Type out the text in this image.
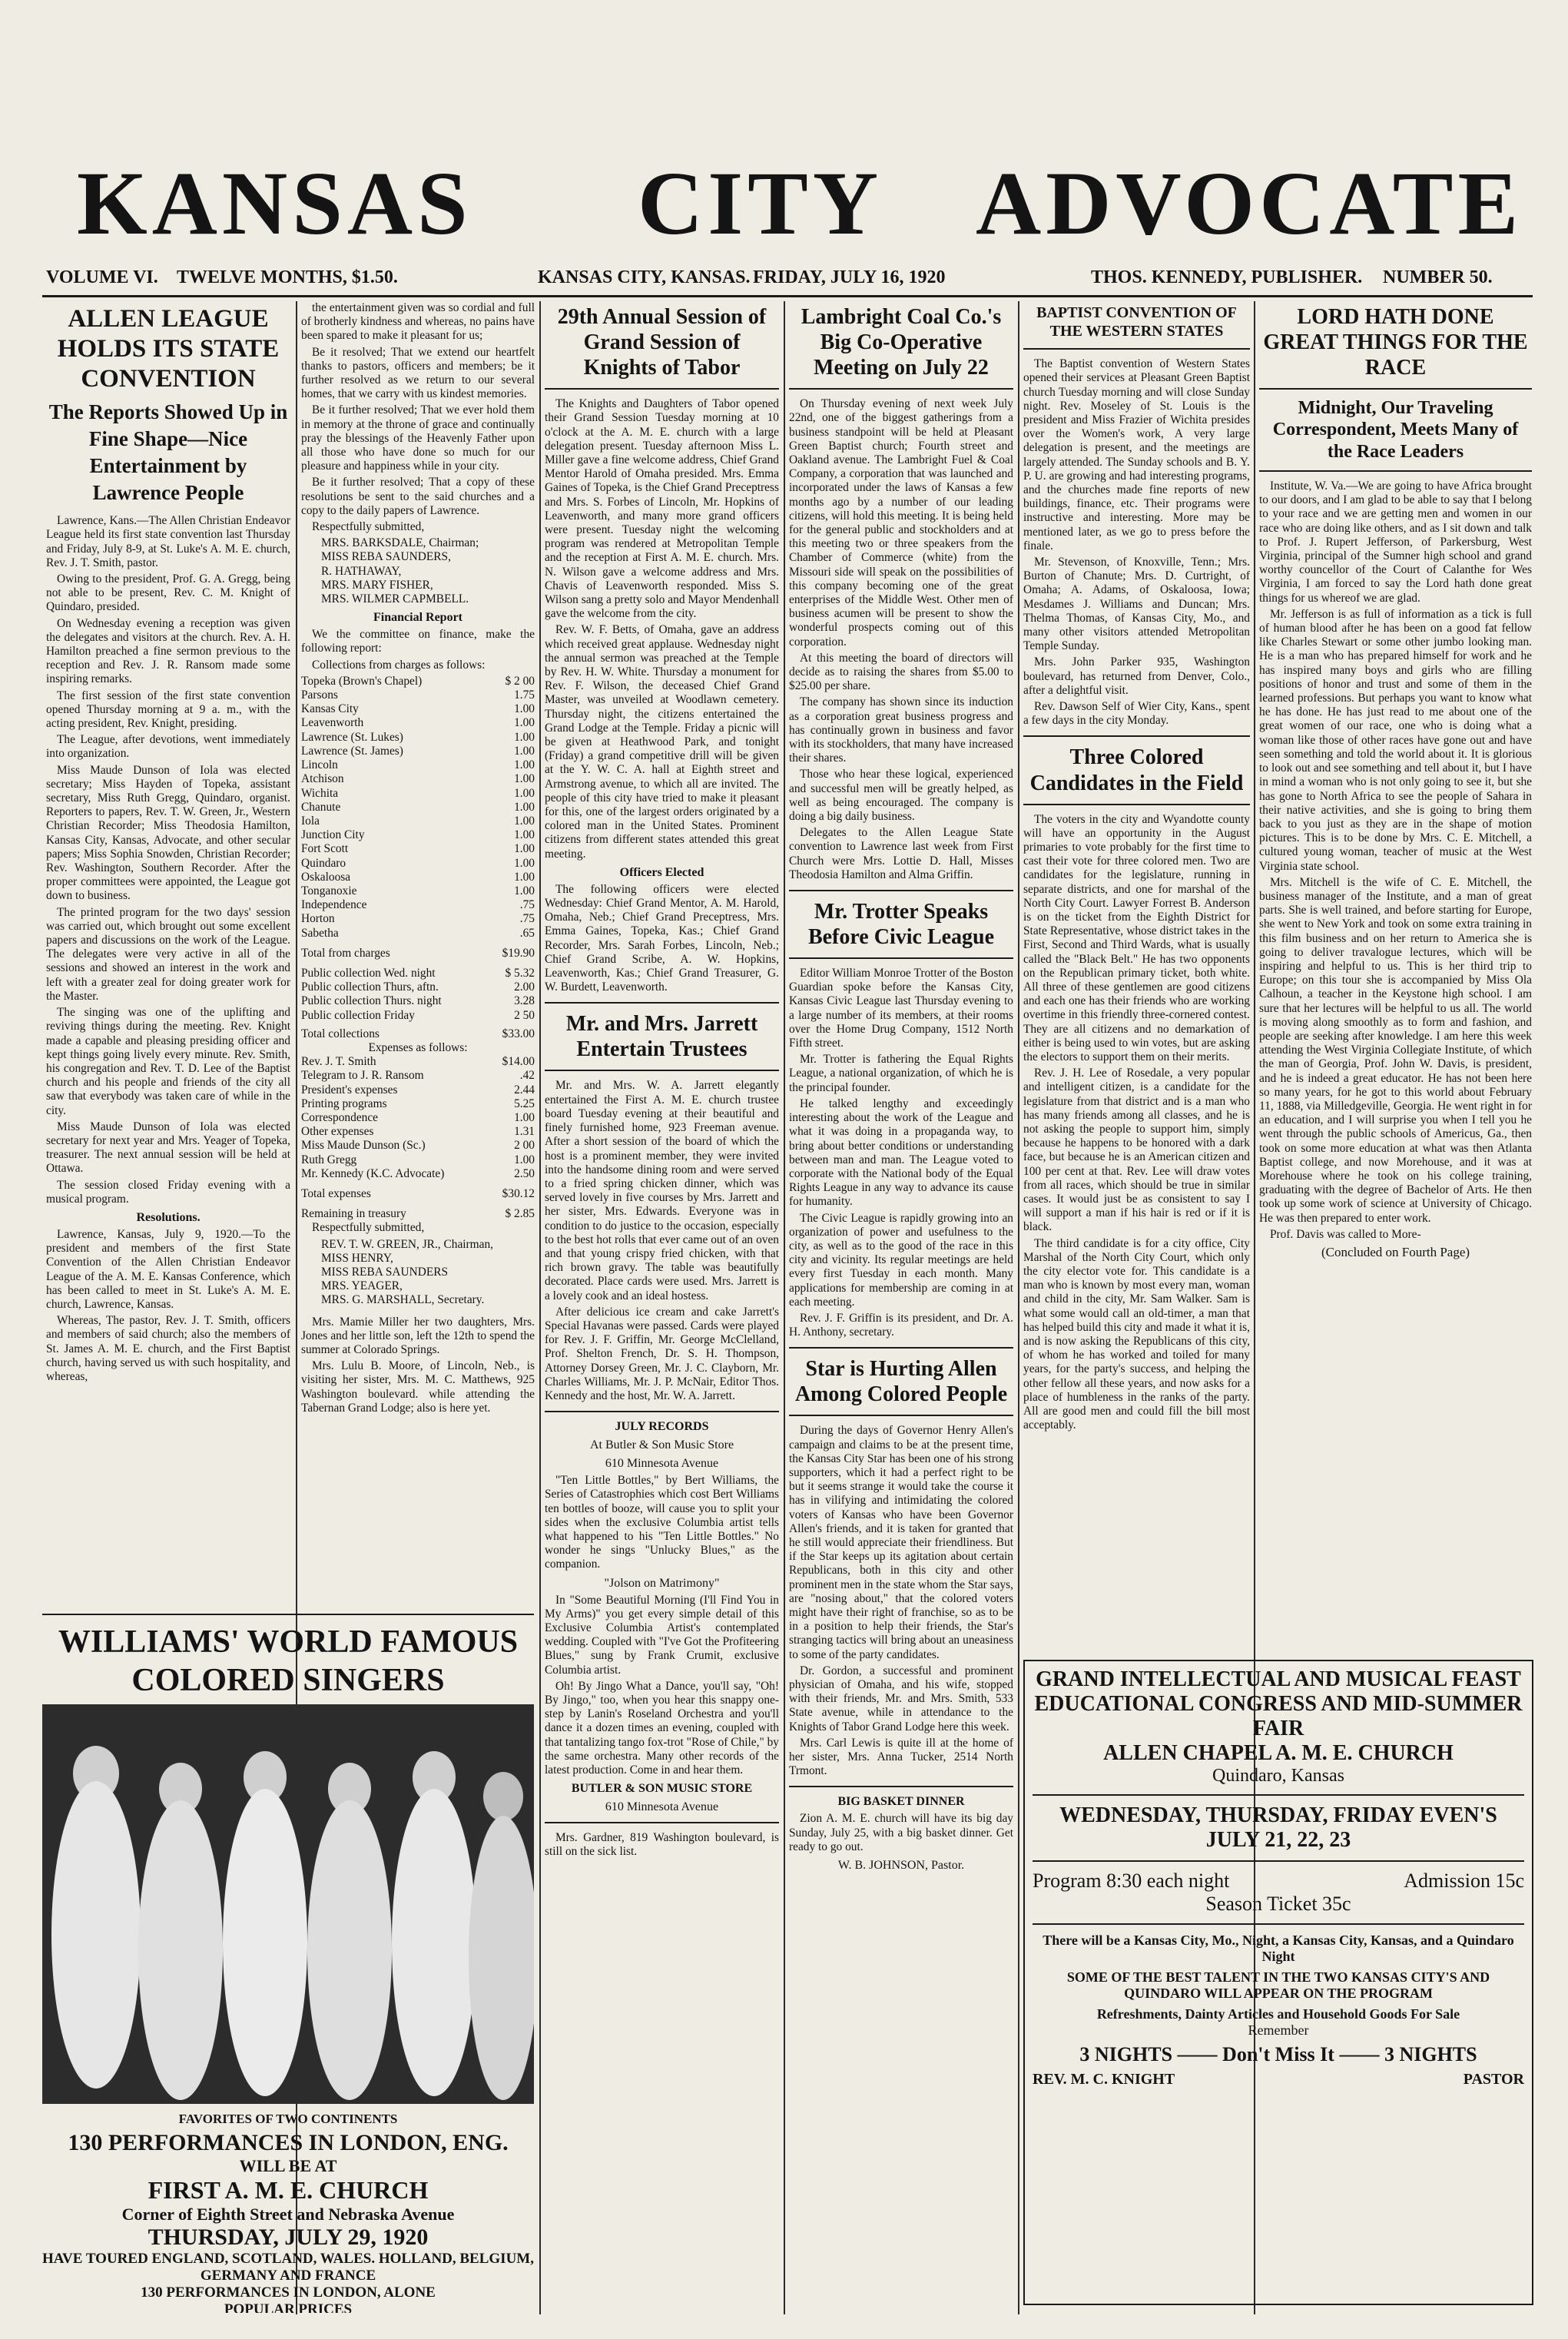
KANSAS CITY ADVOCATE
VOLUME VI. TWELVE MONTHS, $1.50.	KANSAS CITY, KANSAS. FRIDAY, JULY 16, 1920	THOS. KENNEDY, PUBLISHER. NUMBER 50.
ALLEN LEAGUE HOLDS ITS STATE CONVENTION
The Reports Showed Up in Fine Shape—Nice Entertainment by Lawrence People

Lawrence, Kans.—The Allen Christian Endeavor League held its first state convention last Thursday and Friday, July 8-9, at St. Luke's A. M. E. church, Rev. J. T. Smith, pastor.

Owing to the president, Prof. G. A. Gregg, being not able to be present, Rev. C. M. Knight of Quindaro, presided.

On Wednesday evening a reception was given the delegates and visitors at the church. Rev. A. H. Hamilton preached a fine sermon previous to the reception and Rev. J. R. Ransom made some inspiring remarks.

The first session of the first state convention opened Thursday morning at 9 a. m., with the acting president, Rev. Knight, presiding.

The League, after devotions, went immediately into organization.

Miss Maude Dunson of Iola was elected secretary; Miss Hayden of Topeka, assistant secretary, Miss Ruth Gregg, Quindaro, organist. Reporters to papers, Rev. T. W. Green, Jr., Western Christian Recorder; Miss Theodosia Hamilton, Kansas City, Kansas, Advocate, and other secular papers; Miss Sophia Snowden, Christian Recorder; Rev. Washington, Southern Recorder. After the proper committees were appointed, the League got down to business.

The printed program for the two days' session was carried out, which brought out some excellent papers and discussions on the work of the League. The delegates were very active in all of the sessions and showed an interest in the work and left with a greater zeal for doing greater work for the Master.

The singing was one of the uplifting and reviving things during the meeting. Rev. Knight made a capable and pleasing presiding officer and kept things going lively every minute. Rev. Smith, his congregation and Rev. T. D. Lee of the Baptist church and his people and friends of the city all saw that everybody was taken care of while in the city.

Miss Maude Dunson of Iola was elected secretary for next year and Mrs. Yeager of Topeka, treasurer. The next annual session will be held at Ottawa.

The session closed Friday evening with a musical program.

Resolutions.

Lawrence, Kansas, July 9, 1920.—To the president and members of the first State Convention of the Allen Christian Endeavor League of the A. M. E. Kansas Conference, which has been called to meet in St. Luke's A. M. E. church, Lawrence, Kansas.

Whereas, The pastor, Rev. J. T. Smith, officers and members of said church; also the members of St. James A. M. E. church, and the First Baptist church, having served us with such hospitality, and whereas,

the entertainment given was so cordial and full of brotherly kindness and whereas, no pains have been spared to make it pleasant for us;

Be it resolved; That we extend our heartfelt thanks to pastors, officers and members; be it further resolved as we return to our several homes, that we carry with us kindest memories.

Be it further resolved; That we ever hold them in memory at the throne of grace and continually pray the blessings of the Heavenly Father upon all those who have done so much for our pleasure and happiness while in your city.

Be it further resolved; That a copy of these resolutions be sent to the said churches and a copy to the daily papers of Lawrence.

Respectfully submitted,

MRS. BARKSDALE, Chairman;
MISS REBA SAUNDERS,
R. HATHAWAY,
MRS. MARY FISHER,
MRS. WILMER CAPMBELL.
Financial Report

We the committee on finance, make the following report:

Collections from charges as follows:

Topeka (Brown's Chapel)	$ 2 00
Parsons	1.75
Kansas City	1.00
Leavenworth	1.00
Lawrence (St. Lukes)	1.00
Lawrence (St. James)	1.00
Lincoln	1.00
Atchison	1.00
Wichita	1.00
Chanute	1.00
Iola	1.00
Junction City	1.00
Fort Scott	1.00
Quindaro	1.00
Oskaloosa	1.00
Tonganoxie	1.00
Independence	.75
Horton	.75
Sabetha	.65
Total from charges	$19.90
Public collection Wed. night	$ 5.32
Public collection Thurs, aftn.	2.00
Public collection Thurs. night	3.28
Public collection Friday	2 50
Total collections	$33.00
Expenses as follows:
Rev. J. T. Smith	$14.00
Telegram to J. R. Ransom	.42
President's expenses	2.44
Printing programs	5.25
Correspondence	1.00
Other expenses	1.31
Miss Maude Dunson (Sc.)	2 00
Ruth Gregg	1.00
Mr. Kennedy (K.C. Advocate)	2.50
Total expenses	$30.12
Remaining in treasury	$ 2.85

Respectfully submitted,

REV. T. W. GREEN, JR., Chairman,
MISS HENRY,
MISS REBA SAUNDERS
MRS. YEAGER,
MRS. G. MARSHALL, Secretary.

Mrs. Mamie Miller her two daughters, Mrs. Jones and her little son, left the 12th to spend the summer at Colorado Springs.

Mrs. Lulu B. Moore, of Lincoln, Neb., is visiting her sister, Mrs. M. C. Matthews, 925 Washington boulevard. while attending the Tabernan Grand Lodge; also is here yet.

WILLIAMS' WORLD FAMOUS COLORED SINGERS
FAVORITES OF TWO CONTINENTS
130 PERFORMANCES IN LONDON, ENG.
WILL BE AT
FIRST A. M. E. CHURCH
Corner of Eighth Street and Nebraska Avenue
THURSDAY, JULY 29, 1920
HAVE TOURED ENGLAND, SCOTLAND, WALES. HOLLAND, BELGIUM, GERMANY AND FRANCE
130 PERFORMANCES IN LONDON, ALONE
POPULAR PRICES
29th Annual Session of Grand Session of Knights of Tabor

The Knights and Daughters of Tabor opened their Grand Session Tuesday morning at 10 o'clock at the A. M. E. church with a large delegation present. Tuesday afternoon Miss L. Miller gave a fine welcome address, Chief Grand Mentor Harold of Omaha presided. Mrs. Emma Gaines of Topeka, is the Chief Grand Preceptress and Mrs. S. Forbes of Lincoln, Mr. Hopkins of Leavenworth, and many more grand officers were present. Tuesday night the welcoming program was rendered at Metropolitan Temple and the reception at First A. M. E. church. Mrs. N. Wilson gave a welcome address and Mrs. Chavis of Leavenworth responded. Miss S. Wilson sang a pretty solo and Mayor Mendenhall gave the welcome from the city.

Rev. W. F. Betts, of Omaha, gave an address which received great applause. Wednesday night the annual sermon was preached at the Temple by Rev. H. W. White. Thursday a monument for Rev. F. Wilson, the deceased Chief Grand Master, was unveiled at Woodlawn cemetery. Thursday night, the citizens entertained the Grand Lodge at the Temple. Friday a picnic will be given at Heathwood Park, and tonight (Friday) a grand competitive drill will be given at the Y. W. C. A. hall at Eighth street and Armstrong avenue, to which all are invited. The people of this city have tried to make it pleasant for this, one of the largest orders originated by a colored man in the United States. Prominent citizens from different states attended this great meeting.

Officers Elected

The following officers were elected Wednesday: Chief Grand Mentor, A. M. Harold, Omaha, Neb.; Chief Grand Preceptress, Mrs. Emma Gaines, Topeka, Kas.; Chief Grand Recorder, Mrs. Sarah Forbes, Lincoln, Neb.; Chief Grand Scribe, A. W. Hopkins, Leavenworth, Kas.; Chief Grand Treasurer, G. W. Burdett, Leavenworth.

Mr. and Mrs. Jarrett Entertain Trustees

Mr. and Mrs. W. A. Jarrett elegantly entertained the First A. M. E. church trustee board Tuesday evening at their beautiful and finely furnished home, 923 Freeman avenue. After a short session of the board of which the host is a prominent member, they were invited into the handsome dining room and were served to a fried spring chicken dinner, which was served lovely in five courses by Mrs. Jarrett and her sister, Mrs. Edwards. Everyone was in condition to do justice to the occasion, especially to the best hot rolls that ever came out of an oven and that young crispy fried chicken, with that rich brown gravy. The table was beautifully decorated. Place cards were used. Mrs. Jarrett is a lovely cook and an ideal hostess.

After delicious ice cream and cake Jarrett's Special Havanas were passed. Cards were played for Rev. J. F. Griffin, Mr. George McClelland, Prof. Shelton French, Dr. S. H. Thompson, Attorney Dorsey Green, Mr. J. C. Clayborn, Mr. Charles Williams, Mr. J. P. McNair, Editor Thos. Kennedy and the host, Mr. W. A. Jarrett.

JULY RECORDS
At Butler & Son Music Store
610 Minnesota Avenue

"Ten Little Bottles," by Bert Williams, the Series of Catastrophies which cost Bert Williams ten bottles of booze, will cause you to split your sides when the exclusive Columbia artist tells what happened to his "Ten Little Bottles." No wonder he sings "Unlucky Blues," as the companion.

"Jolson on Matrimony"

In "Some Beautiful Morning (I'll Find You in My Arms)" you get every simple detail of this Exclusive Columbia Artist's contemplated wedding. Coupled with "I've Got the Profiteering Blues," sung by Frank Crumit, exclusive Columbia artist.

Oh! By Jingo What a Dance, you'll say, "Oh! By Jingo," too, when you hear this snappy one-step by Lanin's Roseland Orchestra and you'll dance it a dozen times an evening, coupled with that tantalizing tango fox-trot "Rose of Chile," by the same orchestra. Many other records of the latest production. Come in and hear them.

BUTLER & SON MUSIC STORE
610 Minnesota Avenue

Mrs. Gardner, 819 Washington boulevard, is still on the sick list.

Lambright Coal Co.'s Big Co-Operative Meeting on July 22

On Thursday evening of next week July 22nd, one of the biggest gatherings from a business standpoint will be held at Pleasant Green Baptist church; Fourth street and Oakland avenue. The Lambright Fuel & Coal Company, a corporation that was launched and incorporated under the laws of Kansas a few months ago by a number of our leading citizens, will hold this meeting. It is being held for the general public and stockholders and at this meeting two or three speakers from the Chamber of Commerce (white) from the Missouri side will speak on the possibilities of this company becoming one of the great enterprises of the Middle West. Other men of business acumen will be present to show the wonderful prospects coming out of this corporation.

At this meeting the board of directors will decide as to raising the shares from $5.00 to $25.00 per share.

The company has shown since its induction as a corporation great business progress and has continually grown in business and favor with its stockholders, that many have increased their shares.

Those who hear these logical, experienced and successful men will be greatly helped, as well as being encouraged. The company is doing a big daily business.

Delegates to the Allen League State convention to Lawrence last week from First Church were Mrs. Lottie D. Hall, Misses Theodosia Hamilton and Alma Griffin.

Mr. Trotter Speaks Before Civic League

Editor William Monroe Trotter of the Boston Guardian spoke before the Kansas City, Kansas Civic League last Thursday evening to a large number of its members, at their rooms over the Home Drug Company, 1512 North Fifth street.

Mr. Trotter is fathering the Equal Rights League, a national organization, of which he is the principal founder.

He talked lengthy and exceedingly interesting about the work of the League and what it was doing in a propaganda way, to bring about better conditions or understanding between man and man. The League voted to corporate with the National body of the Equal Rights League in any way to advance its cause for humanity.

The Civic League is rapidly growing into an organization of power and usefulness to the city, as well as to the good of the race in this city and vicinity. Its regular meetings are held every first Tuesday in each month. Many applications for membership are coming in at each meeting.

Rev. J. F. Griffin is its president, and Dr. A. H. Anthony, secretary.

Star is Hurting Allen Among Colored People

During the days of Governor Henry Allen's campaign and claims to be at the present time, the Kansas City Star has been one of his strong supporters, which it had a perfect right to be but it seems strange it would take the course it has in vilifying and intimidating the colored voters of Kansas who have been Governor Allen's friends, and it is taken for granted that he still would appreciate their friendliness. But if the Star keeps up its agitation about certain Republicans, both in this city and other prominent men in the state whom the Star says, are "nosing about," that the colored voters might have their right of franchise, so as to be in a position to help their friends, the Star's stranging tactics will bring about an uneasiness to some of the party candidates.

Dr. Gordon, a successful and prominent physician of Omaha, and his wife, stopped with their friends, Mr. and Mrs. Smith, 533 State avenue, while in attendance to the Knights of Tabor Grand Lodge here this week.

Mrs. Carl Lewis is quite ill at the home of her sister, Mrs. Anna Tucker, 2514 North Trmont.

BIG BASKET DINNER

Zion A. M. E. church will have its big day Sunday, July 25, with a big basket dinner. Get ready to go out.

W. B. JOHNSON, Pastor.
BAPTIST CONVENTION OF THE WESTERN STATES

The Baptist convention of Western States opened their services at Pleasant Green Baptist church Tuesday morning and will close Sunday night. Rev. Moseley of St. Louis is the president and Miss Frazier of Wichita presides over the Women's work, A very large delegation is present, and the meetings are largely attended. The Sunday schools and B. Y. P. U. are growing and had interesting programs, and the churches made fine reports of new buildings, finance, etc. Their programs were instructive and interesting. More may be mentioned later, as we go to press before the finale.

Mr. Stevenson, of Knoxville, Tenn.; Mrs. Burton of Chanute; Mrs. D. Curtright, of Omaha; A. Adams, of Oskaloosa, Iowa; Mesdames J. Williams and Duncan; Mrs. Thelma Thomas, of Kansas City, Mo., and many other visitors attended Metropolitan Temple Sunday.

Mrs. John Parker 935, Washington boulevard, has returned from Denver, Colo., after a delightful visit.

Rev. Dawson Self of Wier City, Kans., spent a few days in the city Monday.

Three Colored Candidates in the Field

The voters in the city and Wyandotte county will have an opportunity in the August primaries to vote probably for the first time to cast their vote for three colored men. Two are candidates for the legislature, running in separate districts, and one for marshal of the North City Court. Lawyer Forrest B. Anderson is on the ticket from the Eighth District for State Representative, whose district takes in the First, Second and Third Wards, what is usually called the "Black Belt." He has two opponents on the Republican primary ticket, both white. All three of these gentlemen are good citizens and each one has their friends who are working overtime in this friendly three-cornered contest. They are all citizens and no demarkation of either is being used to win votes, but are asking the electors to support them on their merits.

Rev. J. H. Lee of Rosedale, a very popular and intelligent citizen, is a candidate for the legislature from that district and is a man who has many friends among all classes, and he is not asking the people to support him, simply because he happens to be honored with a dark face, but because he is an American citizen and 100 per cent at that. Rev. Lee will draw votes from all races, which should be true in similar cases. It would just be as consistent to say I will support a man if his hair is red or if it is black.

The third candidate is for a city office, City Marshal of the North City Court, which only the city elector vote for. This candidate is a man who is known by most every man, woman and child in the city, Mr. Sam Walker. Sam is what some would call an old-timer, a man that has helped build this city and made it what it is, and is now asking the Republicans of this city, of whom he has worked and toiled for many years, for the party's success, and helping the other fellow all these years, and now asks for a place of humbleness in the ranks of the party. All are good men and could fill the bill most acceptably.

LORD HATH DONE GREAT THINGS FOR THE RACE
Midnight, Our Traveling Correspondent, Meets Many of the Race Leaders

Institute, W. Va.—We are going to have Africa brought to our doors, and I am glad to be able to say that I belong to your race and we are getting men and women in our race who are doing like others, and as I sit down and talk to Prof. J. Rupert Jefferson, of Parkersburg, West Virginia, principal of the Sumner high school and grand worthy councellor of the Court of Calanthe for Wes Virginia, I am forced to say the Lord hath done great things for us whereof we are glad.

Mr. Jefferson is as full of information as a tick is full of human blood after he has been on a good fat fellow like Charles Stewart or some other jumbo looking man. He is a man who has prepared himself for work and he has inspired many boys and girls who are filling positions of honor and trust and some of them in the learned professions. But perhaps you want to know what he has done. He has just read to me about one of the great women of our race, one who is doing what a woman like those of other races have gone out and have seen something and told the world about it. It is glorious to look out and see something and tell about it, but I have in mind a woman who is not only going to see it, but she has gone to North Africa to see the people of Sahara in their native activities, and she is going to bring them back to you just as they are in the shape of motion pictures. This is to be done by Mrs. C. E. Mitchell, a cultured young woman, teacher of music at the West Virginia state school.

Mrs. Mitchell is the wife of C. E. Mitchell, the business manager of the Institute, and a man of great parts. She is well trained, and before starting for Europe, she went to New York and took on some extra training in this film business and on her return to America she is going to deliver travalogue lectures, which will be inspiring and helpful to us. This is her third trip to Europe; on this tour she is accompanied by Miss Ola Calhoun, a teacher in the Keystone high school. I am sure that her lectures will be helpful to us all. The world is moving along smoothly as to form and fashion, and people are seeking after knowledge. I am here this week attending the West Virginia Collegiate Institute, of which the man of Georgia, Prof. John W. Davis, is president, and he is indeed a great educator. He has not been here so many years, for he got to this world about February 11, 1888, via Milledgeville, Georgia. He went right in for an education, and I will surprise you when I tell you he went through the public schools of Americus, Ga., then took on some more education at what was then Atlanta Baptist college, and now Morehouse, and it was at Morehouse where he took on his college training, graduating with the degree of Bachelor of Arts. He then took up some work of science at University of Chicago. He was then prepared to enter work.

Prof. Davis was called to More-

(Concluded on Fourth Page)
GRAND INTELLECTUAL AND MUSICAL FEAST
EDUCATIONAL CONGRESS AND MID-SUMMER FAIR
ALLEN CHAPEL A. M. E. CHURCH
Quindaro, Kansas
WEDNESDAY, THURSDAY, FRIDAY EVEN'S JULY 21, 22, 23
Program 8:30 each night	Admission 15c
Season Ticket 35c
There will be a Kansas City, Mo., Night, a Kansas City, Kansas, and a Quindaro Night
SOME OF THE BEST TALENT IN THE TWO KANSAS CITY'S AND QUINDARO WILL APPEAR ON THE PROGRAM
Refreshments, Dainty Articles and Household Goods For Sale
Remember
3 NIGHTS —— Don't Miss It —— 3 NIGHTS
REV. M. C. KNIGHT	PASTOR
